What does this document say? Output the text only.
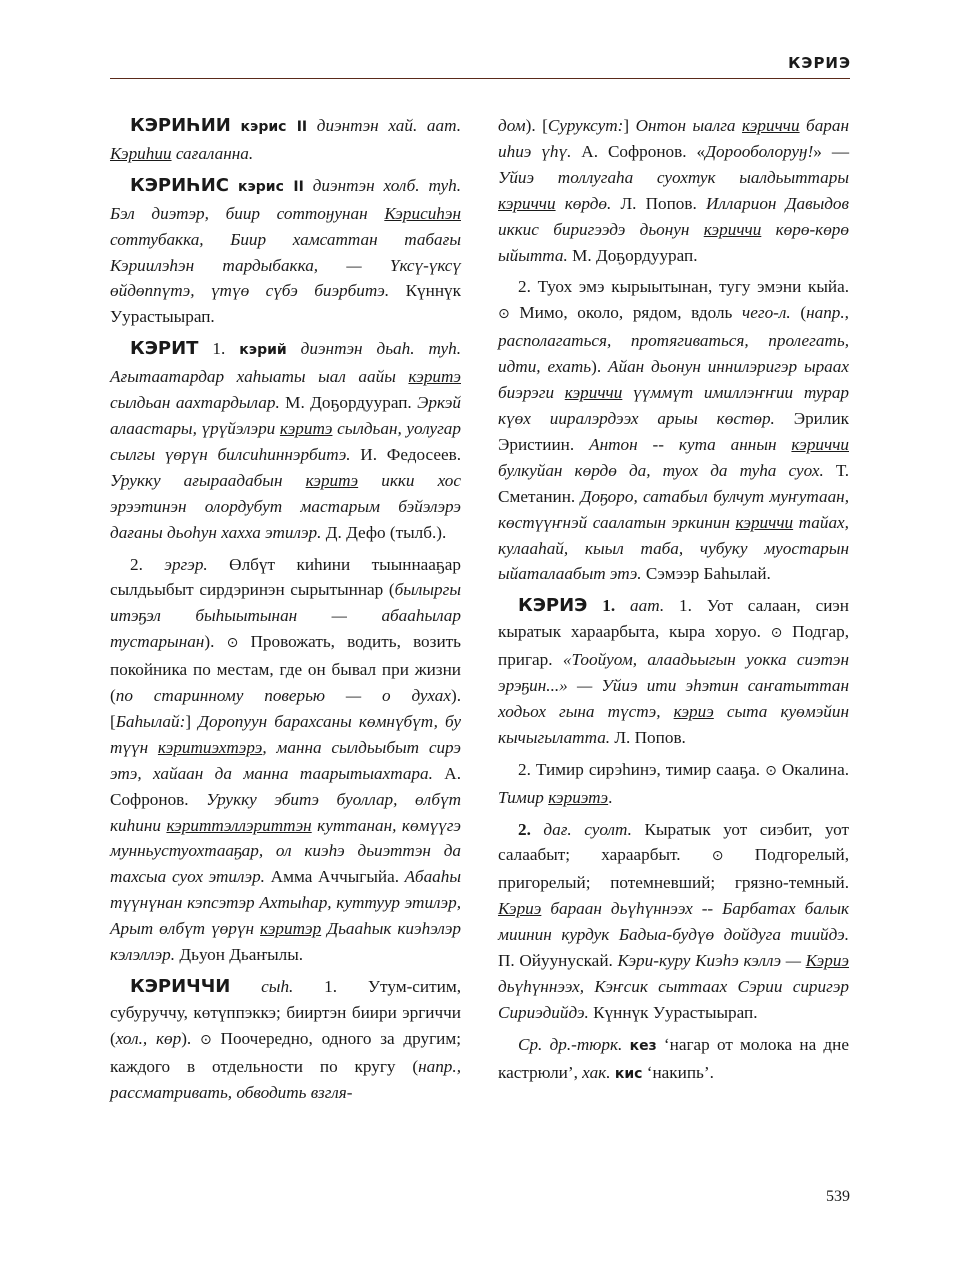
КЭРИЭ

КЭРИҺИИ кэрис II диэнтэн хай. аат. Кэриһии сағаланна.

КЭРИҺИС кэрис II диэнтэн холб. туһ. Бэл диэтэр, биир соттоӈунан Кэрисиһэн соттубакка, Биир хамсаттан табағы Кэриилэһэн тардыбакка, — Үксү-үксү өйдөппүтэ, үтүө сүбэ биэрбитэ. Күннүк Уурастыырап.

КЭРИТ 1. кэрий диэнтэн дьаһ. туһ. Ағытаатардар хаһыаты ыал аайы кэритэ сылдьан аахтардылар. М. Доҕордуурап. Эркэй алаастары, үрүйэлэри кэритэ сылдьан, уолугар сылгы үөрүн билсиһиннэрбитэ. И. Федосеев. Урукку ағыраадабын кэритэ икки хос эрээтинэн олордубут мастарым бэйэлэрэ дағаны дьоһун хахха этилэр. Д. Дефо (тылб.).

2. эргэр. Өлбүт киһини тыыннааҕар сылдьыбыт сирдэринэн сырытыннар (былыргы итэҕэл быһыытынан — абааһылар тустарынан). ⊙ Провожать, водить, возить покойника по местам, где он бывал при жизни (по старинному поверью — о духах). [Баһылай:] Доропуун барахсаны көмнүбүт, бу түүн кэритиэхтэрэ, манна сылдьыбыт сирэ этэ, хайаан да манна таарытыахтара. А. Софронов. Урукку эбитэ буоллар, өлбүт киһини кэриттэллэриттэн куттанан, көмүүгэ мунньустуохтааҕар, ол киэһэ дьиэттэн да тахсыа суох этилэр. Амма Аччыгыйа. Абааһы түүнүнан кэпсэтэр Ахтыһар, куттуур этилэр, Арыт өлбүт үөрүн кэритэр Дьааһык киэһэлэр кэлэллэр. Дьуон Дьаҥылы.

КЭРИЧЧИ сыһ. 1. Утум-ситим, субуруччу, көтүппэккэ; бииртэн биири эргиччи (хол., көр). ⊙ Поочередно, одного за другим; каждого в отдельности по кругу (напр., рассматривать, обводить взгля-

дом). [Суруксут:] Онтон ыалга кэриччи баран иһиэ үһү. А. Софронов. «Дорооболоруӈ!» — Уйиэ толлугаһа суохтук ыалдьыттары кэриччи көрдө. Л. Попов. Илларион Давыдов иккис биригээдэ дьонун кэриччи көрө-көрө ыйытта. М. Доҕордуурап.

2. Туох эмэ кырыытынан, тугу эмэни кыйа. ⊙ Мимо, около, рядом, вдоль чего-л. (напр., располагаться, протягиваться, пролегать, идти, ехать). Айан дьонун иннилэригэр ыраах биэрэги кэриччи үүммүт имиллэҥҥии турар күөх ииралэрдээх арыы көстөр. Эрилик Эристиин. Антон -- кута аннын кэриччи булкуйан көрдө да, туох да туһа суох. Т. Сметанин. Доҕоро, сатабыл булчут муҥутаан, көстүүҥнэй саалатын эркинин кэриччи тайах, кулааһай, кыыл таба, чубуку муостарын ыйаталаабыт этэ. Сэмээр Баһылай.

КЭРИЭ 1. аат. 1. Уот салаан, сиэн кыратык хараарбыта, кыра хоруо. ⊙ Подгар, пригар. «Тоойуом, алаадьыгын уокка сиэтэн эрэҕин...» — Уйиэ ити эһэтин саҥатыттан ходьох гына түстэ, кэриэ сыта куөмэйин кычыгылатта. Л. Попов.

2. Тимир сирэһинэ, тимир сааҕа. ⊙ Окалина. Тимир кэриэтэ.

2. дағ. суолт. Кыратык уот сиэбит, уот салаабыт; хараарбыт. ⊙ Подгорелый, пригорелый; потемневший; грязно-темный. Кэриэ бараан дьүһүннээх -- Барбатах балык миинин курдук Бадыа-будүө дойдуга тиийдэ. П. Ойуунускай. Кэри-куру Киэһэ кэллэ — Кэриэ дьүһүннээх, Кэҥсик сыттаах Сэрии сиригэр Сириэдийдэ. Күннүк Уурастыырап.

Ср. др.-тюрк. кез ‘нагар от молока на дне кастрюли’, хак. кис ‘накипь’.

539
